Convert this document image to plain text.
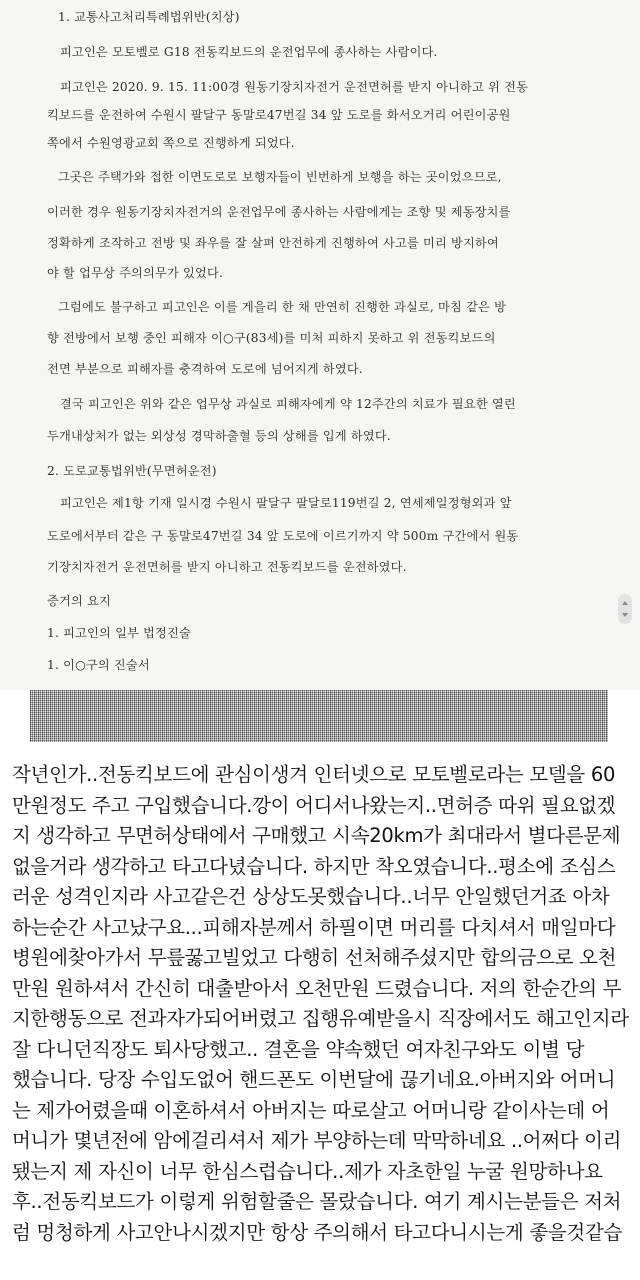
1. 교통사고처리특례법위반(치상)

피고인은 모토벨로 G18 전동킥보드의 운전업무에 종사하는 사람이다.

피고인은 2020. 9. 15. 11:00경 원동기장치자전거 운전면허를 받지 아니하고 위 전동

킥보드를 운전하여 수원시 팔달구 동말로47번길 34 앞 도로를 화서오거리 어린이공원

쪽에서 수원영광교회 쪽으로 진행하게 되었다.

그곳은 주택가와 접한 이면도로로 보행자들이 빈번하게 보행을 하는 곳이었으므로,

이러한 경우 원동기장치자전거의 운전업무에 종사하는 사람에게는 조향 및 제동장치를

정확하게 조작하고 전방 및 좌우를 잘 살펴 안전하게 진행하여 사고를 미리 방지하여

야 할 업무상 주의의무가 있었다.

그럼에도 불구하고 피고인은 이를 게을리 한 채 만연히 진행한 과실로, 마침 같은 방

향 전방에서 보행 중인 피해자 이○구(83세)를 미처 피하지 못하고 위 전동킥보드의

전면 부분으로 피해자를 충격하여 도로에 넘어지게 하였다.

결국 피고인은 위와 같은 업무상 과실로 피해자에게 약 12주간의 치료가 필요한 열린

두개내상처가 없는 외상성 경막하출혈 등의 상해를 입게 하였다.

2. 도로교통법위반(무면허운전)

피고인은 제1항 기재 일시경 수원시 팔달구 팔달로119번길 2, 연세제일정형외과 앞

도로에서부터 같은 구 동말로47번길 34 앞 도로에 이르기까지 약 500m 구간에서 원동

기장치자전거 운전면허를 받지 아니하고 전동킥보드를 운전하였다.

증거의 요지

1. 피고인의 일부 법정진술

1. 이○구의 진술서

작년인가..전동킥보드에 관심이생겨 인터넷으로 모토벨로라는 모델을 60

만원정도 주고 구입했습니다.깡이 어디서나왔는지..면허증 따위 필요없겠

지 생각하고 무면허상태에서 구매했고 시속20km가 최대라서 별다른문제

없을거라 생각하고 타고다녔습니다. 하지만 착오였습니다..평소에 조심스

러운 성격인지라 사고같은건 상상도못했습니다..너무 안일했던거죠 아차

하는순간 사고났구요...피해자분께서 하필이면 머리를 다치셔서 매일마다

병원에찾아가서 무릎꿇고빌었고 다행히 선처해주셨지만 합의금으로 오천

만원 원하셔서 간신히 대출받아서 오천만원 드렸습니다. 저의 한순간의 무

지한행동으로 전과자가되어버렸고 집행유예받을시 직장에서도 해고인지라

잘 다니던직장도 퇴사당했고.. 결혼을 약속했던 여자친구와도 이별 당

했습니다. 당장 수입도없어 핸드폰도 이번달에 끊기네요.아버지와 어머니

는 제가어렸을때 이혼하셔서 아버지는 따로살고 어머니랑 같이사는데 어

머니가 몇년전에 암에걸리셔서 제가 부양하는데 막막하네요 ..어쩌다 이리

됐는지 제 자신이 너무 한심스럽습니다..제가 자초한일 누굴 원망하나요

후..전동킥보드가 이렇게 위험할줄은 몰랐습니다. 여기 계시는분들은 저처

럼 멍청하게 사고안나시겠지만 항상 주의해서 타고다니시는게 좋을것같습
